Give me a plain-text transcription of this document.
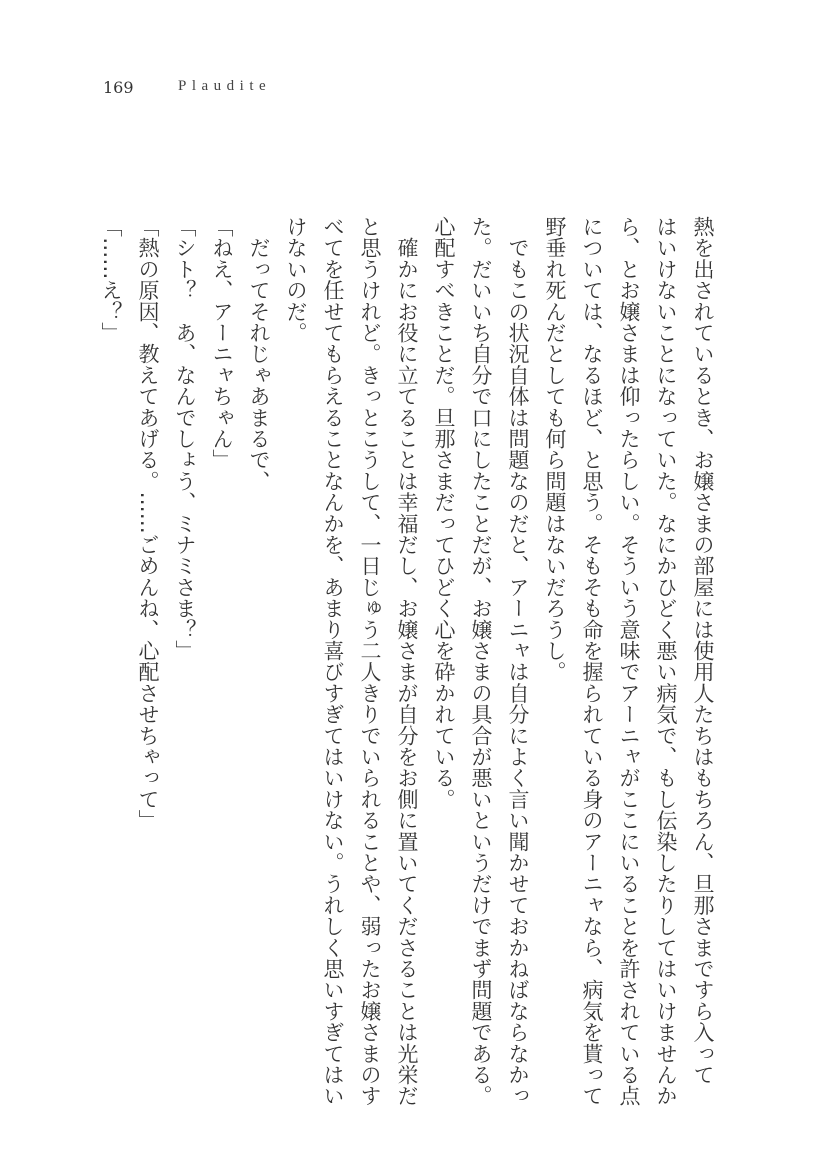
169	Plaudite
熱を出されているとき、お嬢さまの部屋には使用人たちはもちろん、旦那さまですら入って
はいけないことになっていた。なにかひどく悪い病気で、もし伝染したりしてはいけませんか
ら、とお嬢さまは仰ったらしい。そういう意味でアーニャがここにいることを許されている点
については、なるほど、と思う。そもそも命を握られている身のアーニャなら、病気を貰って
野垂れ死んだとしても何ら問題はないだろうし。
　でもこの状況自体は問題なのだと、アーニャは自分によく言い聞かせておかねばならなかっ
た。だいいち自分で口にしたことだが、お嬢さまの具合が悪いというだけでまず問題である。
心配すべきことだ。旦那さまだってひどく心を砕かれている。
　確かにお役に立てることは幸福だし、お嬢さまが自分をお側に置いてくださることは光栄だ
と思うけれど。きっとこうして、一日じゅう二人きりでいられることや、弱ったお嬢さまのす
べてを任せてもらえることなんかを、あまり喜びすぎてはいけない。うれしく思いすぎてはい
けないのだ。
　だってそれじゃあまるで、
「ねえ、アーニャちゃん」
「シト？　あ、なんでしょう、ミナミさま？」
「熱の原因、教えてあげる。……ごめんね、心配させちゃって」
「……え？」
